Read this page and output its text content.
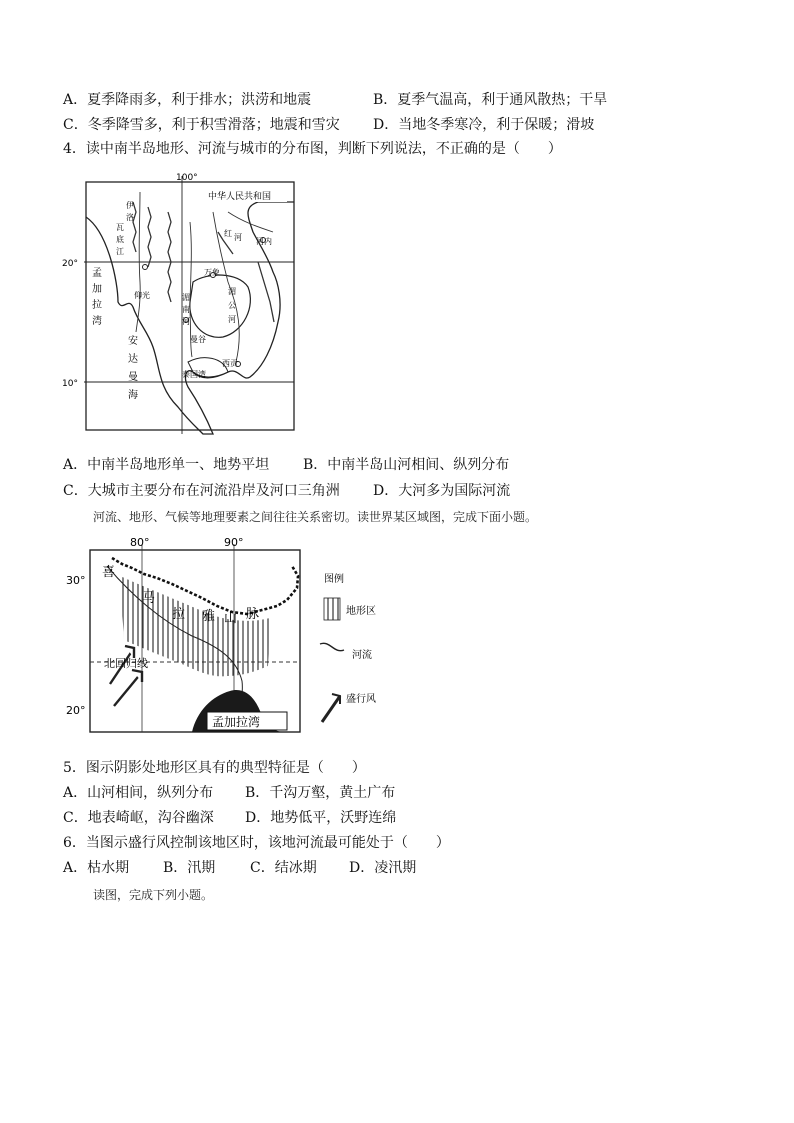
A．夏季降雨多，利于排水；洪涝和地震	B．夏季气温高，利于通风散热；干旱
C．冬季降雪多，利于积雪滑落；地震和雪灾 D．当地冬季寒冷，利于保暖；滑坡
4．读中南半岛地形、河流与城市的分布图，判断下列说法，不正确的是（　　）
100°
20°
10°
中华人民共和国
伊
洛
瓦
底
江
孟
加
拉
湾
安
达
曼
海
红 河 河内
万象
湄
公
河
湄
南
河
仰光
曼谷
西贡
泰国湾
A．中南半岛地形单一、地势平坦 B．中南半岛山河相间、纵列分布
C．大城市主要分布在河流沿岸及河口三角洲 D．大河多为国际河流
河流、地形、气候等地理要素之间往往关系密切。读世界某区域图，完成下面小题。
80°	90°
30°
20°
喜
马
拉 雅 山 脉
北回归线
孟加拉湾
图例
地形区
河流
盛行风
5．图示阴影处地形区具有的典型特征是（　　）
A．山河相间，纵列分布 B．千沟万壑，黄土广布
C．地表崎岖，沟谷幽深 D．地势低平，沃野连绵
6．当图示盛行风控制该地区时，该地河流最可能处于（　　）
A．枯水期 B．汛期 C．结冰期 D．凌汛期
读图，完成下列小题。
